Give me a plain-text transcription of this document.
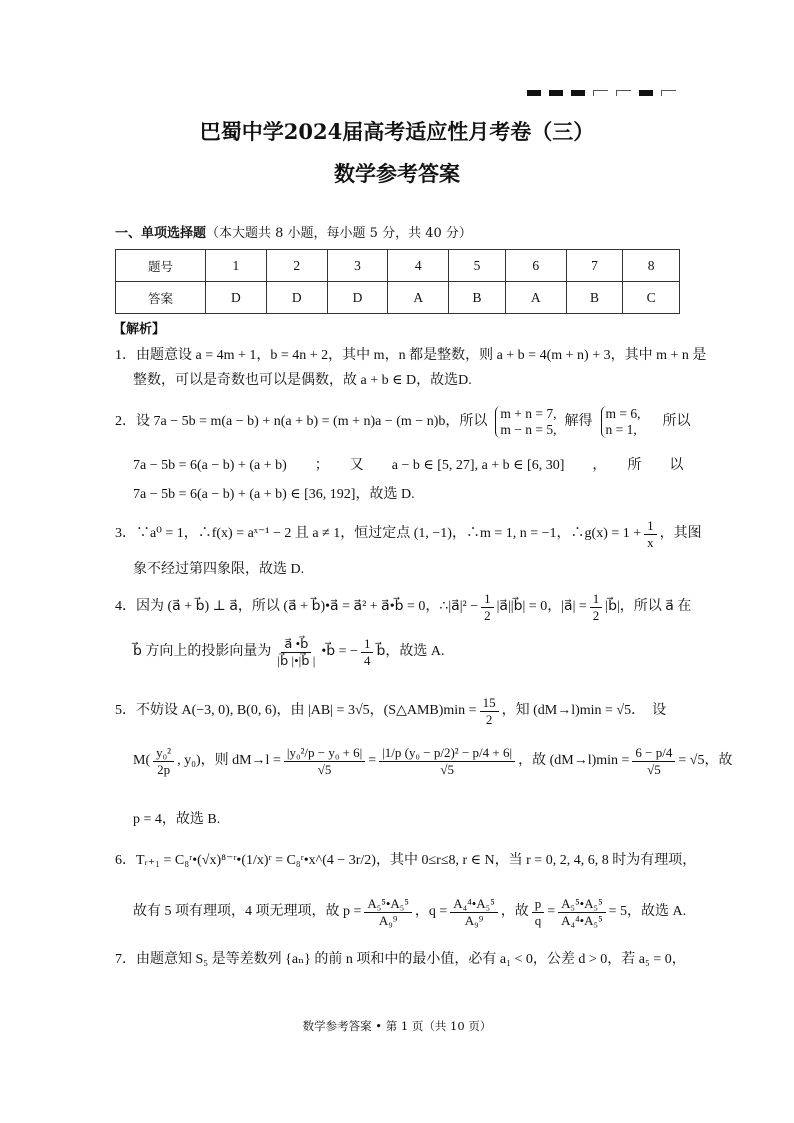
巴蜀中学2024届高考适应性月考卷（三）
数学参考答案
一、单项选择题（本大题共 8 小题，每小题 5 分，共 40 分）
题号	1	2	3	4	5	6	7	8
答案	D	D	D	A	B	A	B	C
【解析】
1．由题意设 a = 4m + 1，b = 4n + 2，其中 m，n 都是整数，则 a + b = 4(m + n) + 3，其中 m + n 是
整数，可以是奇数也可以是偶数，故 a + b ∈ D，故选D.
2．设 7a − 5b = m(a − b) + n(a + b) = (m + n)a − (m − n)b，所以
m + n = 7,
m − n = 5,
解得
m = 6,
n = 1,
所以
7a − 5b = 6(a − b) + (a + b)　　；　　又　　a − b ∈ [5, 27], a + b ∈ [6, 30]　　，　　所　　以
7a − 5b = 6(a − b) + (a + b) ∈ [36, 192]，故选 D.
3．∵a⁰ = 1，∴f(x) = aˣ⁻¹ − 2 且 a ≠ 1，恒过定点 (1, −1)，∴m = 1, n = −1，∴g(x) = $1 + \frac{1}{x}$ ，其图
象不经过第四象限，故选 D.
4．因为 (a⃗ + b⃗) ⊥ a⃗，所以 (a⃗ + b⃗)•a⃗ = a⃗² + a⃗•b⃗ = 0，∴|a⃗|² − $\frac{1}{2}$ |a⃗||b⃗| = 0，|a⃗| = $\frac{1}{2}$ |b⃗|，所以 a⃗ 在
b⃗ 方向上的投影向量为 $\frac{a⃗ •b⃗}{|b⃗ |•|b⃗ |}$ •b⃗ = − $\frac{1}{4}$ b⃗，故选 A.
5．不妨设 A(−3, 0), B(0, 6)，由 |AB| = 3√5，(S△AMB)min = $\frac{15}{2}$ ，知 (dM→l)min = √5．　设
$M( \frac{\text{y₀²}}{2p}$ , y₀)，则 $dM\to l = \frac{\text{|y₀²/p − y₀ + 6|}}{√5} = \frac{\text{|1/p (y₀ − p/2)² − p/4 + 6|}}{√5}$ ，故 $(dM\to l)\min = \frac{6 - p/4}{√5} = √5$，故
p = 4，故选 B.
6．Tᵣ₊₁ = C₈ʳ•(√x)⁸⁻ʳ•(1/x)ʳ = C₈ʳ•x^(4 − 3r/2)，其中 0≤r≤8, r ∈ N，当 r = 0, 2, 4, 6, 8 时为有理项，
故有 5 项有理项，4 项无理项，故 $p = \frac{\text{A₅⁵•A₅⁵}}{\text{A₉⁹}}$ ，$q = \frac{\text{A₄⁴•A₅⁵}}{\text{A₉⁹}}$ ，故 $\frac{p}{q} = \frac{\text{A₅⁵•A₅⁵}}{\text{A₄⁴•A₅⁵}} = 5$，故选 A.
7．由题意知 S₅ 是等差数列 {aₙ} 的前 n 项和中的最小值，必有 a₁ < 0，公差 d > 0，若 a₅ = 0，
数学参考答案 • 第 1 页（共 10 页）
